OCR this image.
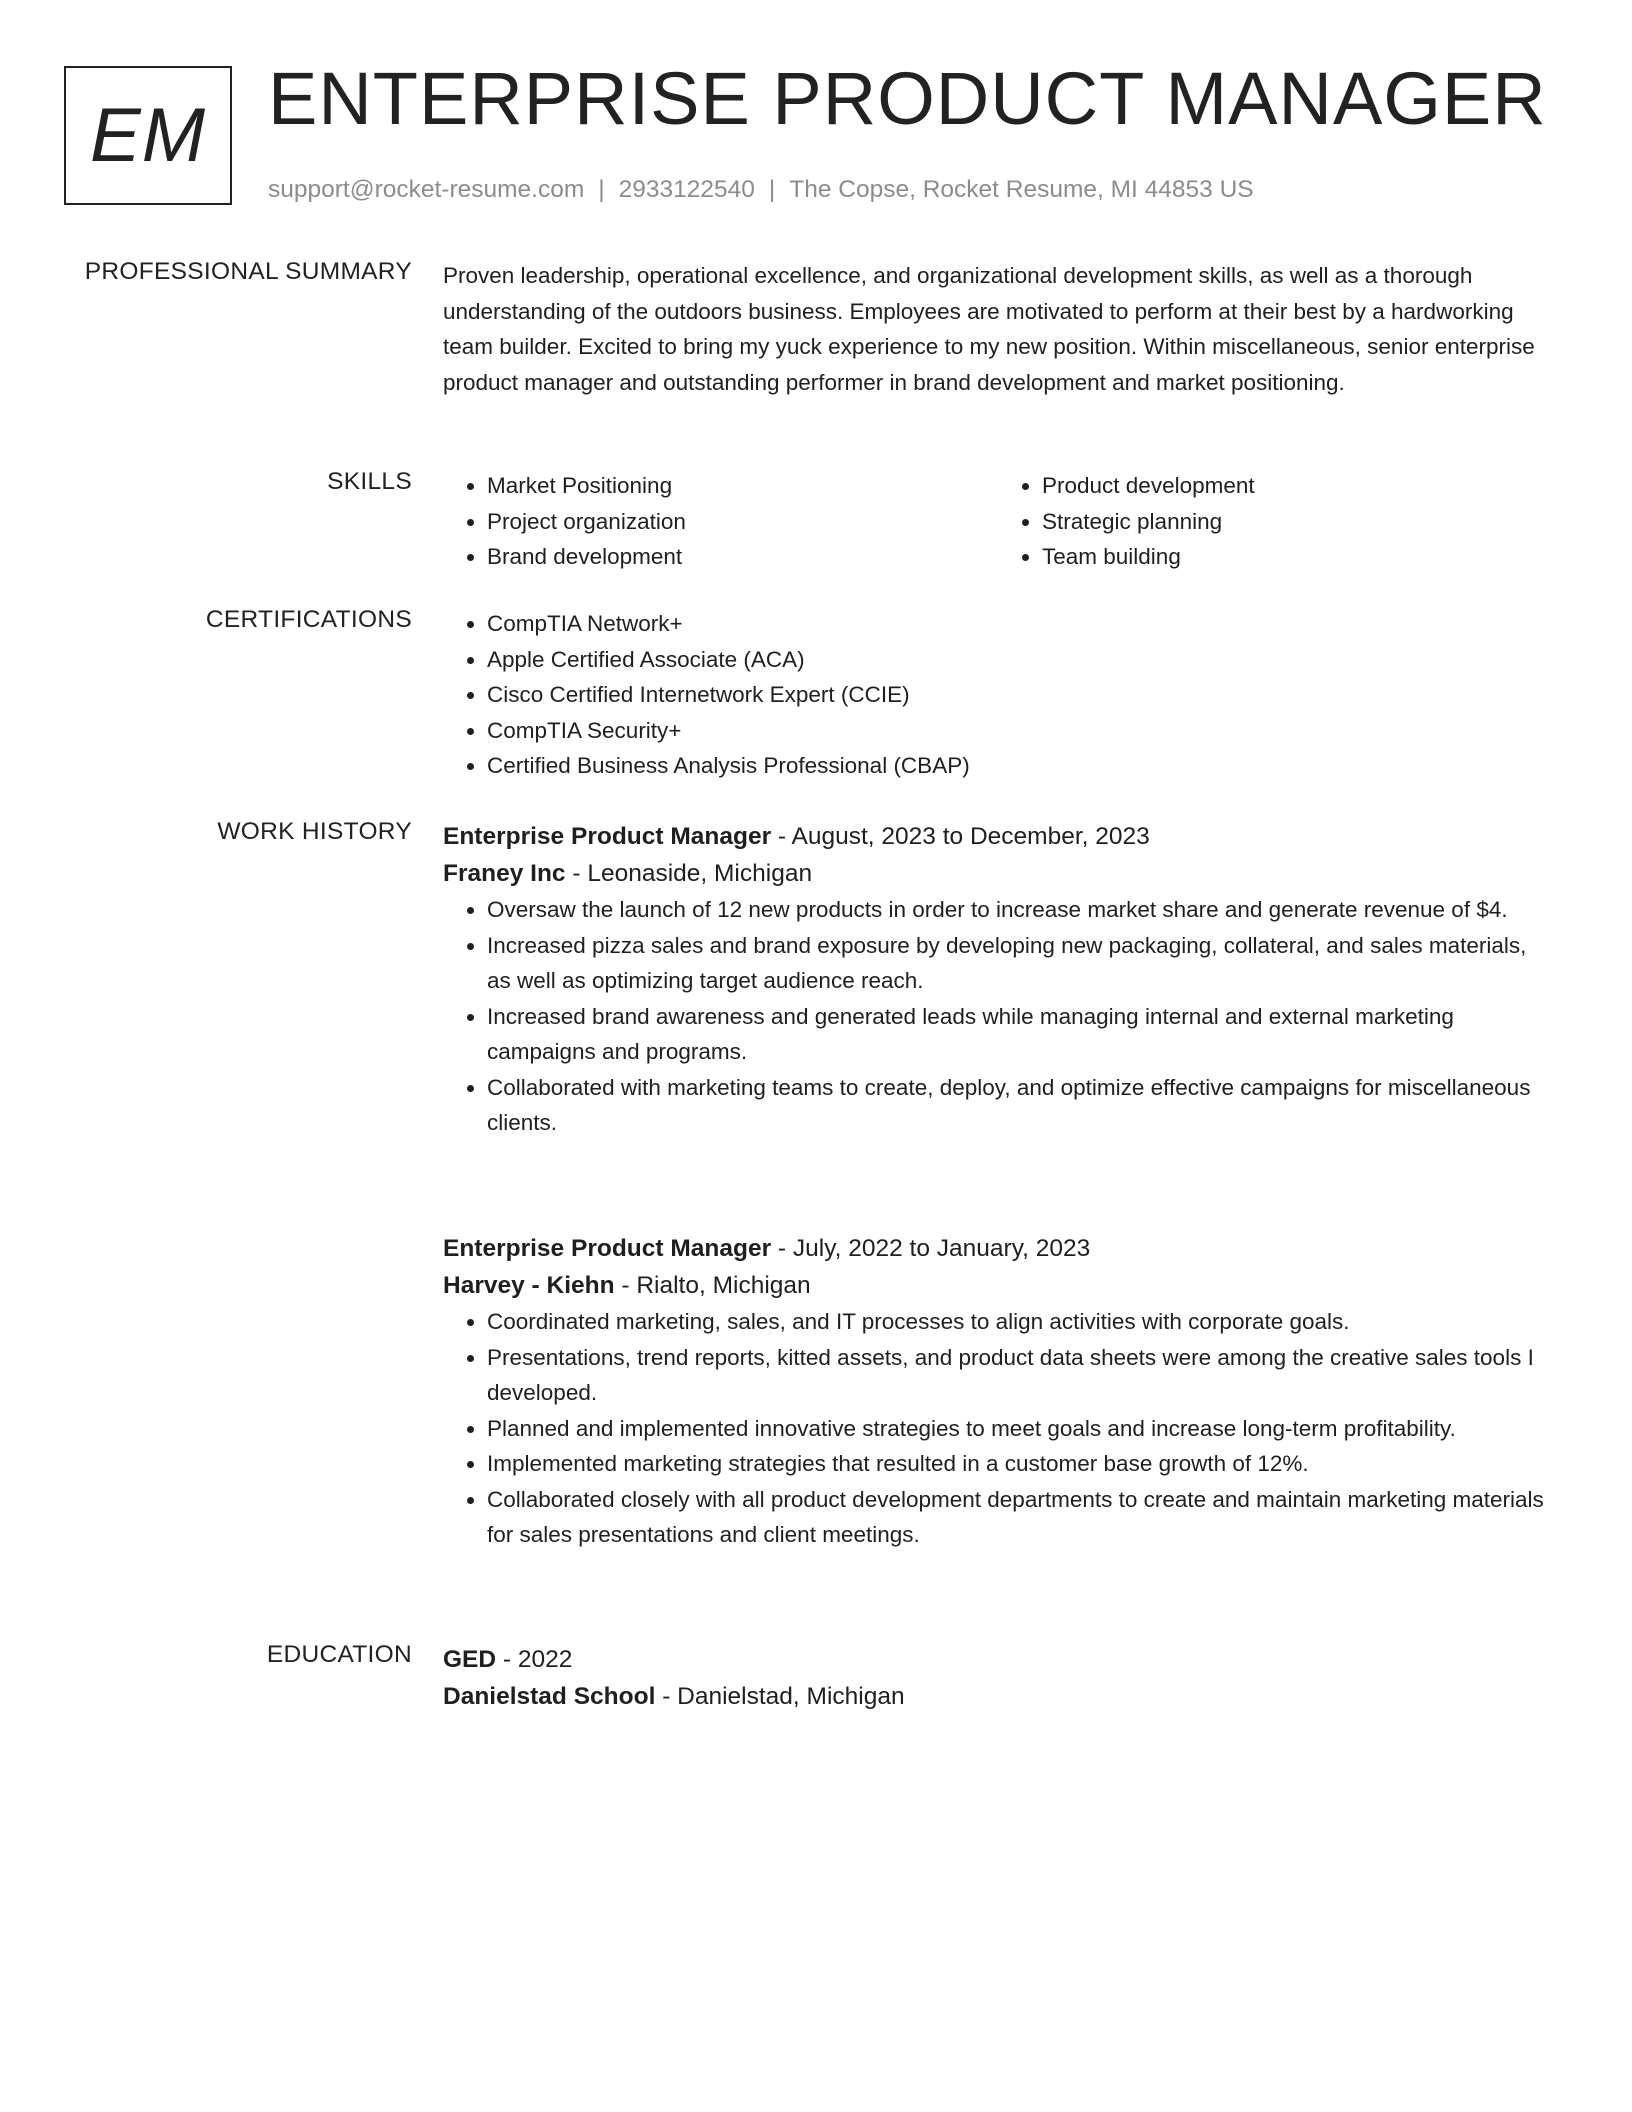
EM ENTERPRISE PRODUCT MANAGER
support@rocket-resume.com | 2933122540 | The Copse, Rocket Resume, MI 44853 US
PROFESSIONAL SUMMARY Proven leadership, operational excellence, and organizational development skills, as well as a thorough understanding of the outdoors business. Employees are motivated to perform at their best by a hardworking team builder. Excited to bring my yuck experience to my new position. Within miscellaneous, senior enterprise product manager and outstanding performer in brand development and market positioning.

SKILLS	• Market Positioning
• Project organization
• Brand development
• Product development
• Strategic planning
• Team building
CERTIFICATIONS	• CompTIA Network+
• Apple Certified Associate (ACA)
• Cisco Certified Internetwork Expert (CCIE)
• CompTIA Security+
• Certified Business Analysis Professional (CBAP)
WORK HISTORY Enterprise Product Manager - August, 2023 to December, 2023
Franey Inc - Leonaside, Michigan
• Oversaw the launch of 12 new products in order to increase market share and generate revenue of $4.
• Increased pizza sales and brand exposure by developing new packaging, collateral, and sales materials, as well as optimizing target audience reach.
• Increased brand awareness and generated leads while managing internal and external marketing campaigns and programs.
• Collaborated with marketing teams to create, deploy, and optimize effective campaigns for miscellaneous clients.
Enterprise Product Manager - July, 2022 to January, 2023
Harvey - Kiehn - Rialto, Michigan
• Coordinated marketing, sales, and IT processes to align activities with corporate goals.
• Presentations, trend reports, kitted assets, and product data sheets were among the creative sales tools I developed.
• Planned and implemented innovative strategies to meet goals and increase long-term profitability.
• Implemented marketing strategies that resulted in a customer base growth of 12%.
• Collaborated closely with all product development departments to create and maintain marketing materials for sales presentations and client meetings.
EDUCATION GED - 2022
Danielstad School - Danielstad, Michigan
